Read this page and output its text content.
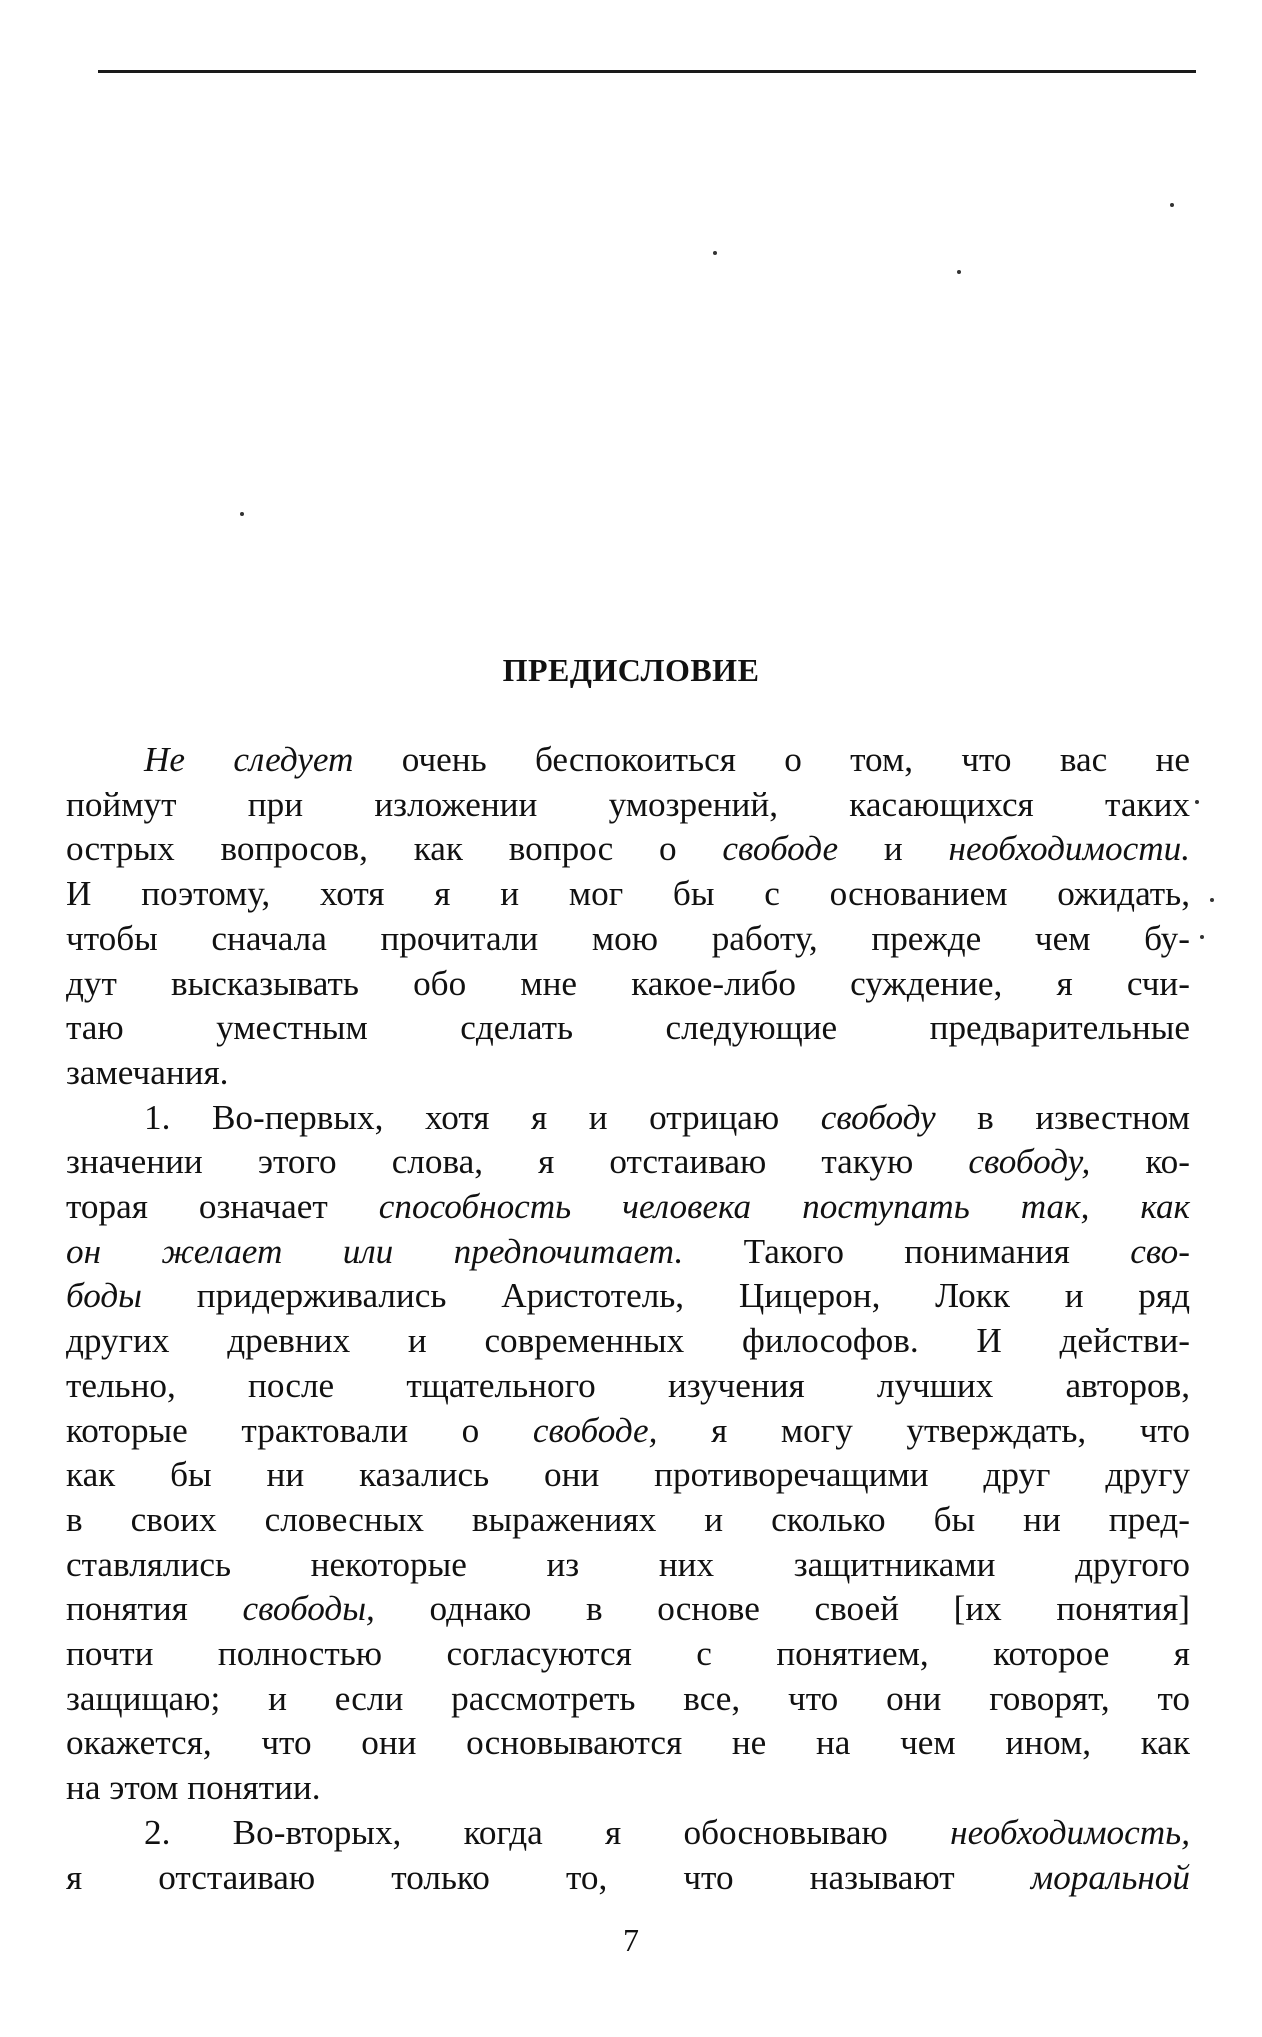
ПРЕДИСЛОВИЕ
Не следует очень беспокоиться о том, что вас не
поймут при изложении умозрений, касающихся таких
острых вопросов, как вопрос о свободе и необходимости.
И поэтому, хотя я и мог бы с основанием ожидать,
чтобы сначала прочитали мою работу, прежде чем бу-
дут высказывать обо мне какое-либо суждение, я счи-
таю уместным сделать следующие предварительные
замечания.
1. Во-первых, хотя я и отрицаю свободу в известном
значении этого слова, я отстаиваю такую свободу, ко-
торая означает способность человека поступать так, как
он желает или предпочитает. Такого понимания сво-
боды придерживались Аристотель, Цицерон, Локк и ряд
других древних и современных философов. И действи-
тельно, после тщательного изучения лучших авторов,
которые трактовали о свободе, я могу утверждать, что
как бы ни казались они противоречащими друг другу
в своих словесных выражениях и сколько бы ни пред-
ставлялись некоторые из них защитниками другого
понятия свободы, однако в основе своей [их понятия]
почти полностью согласуются с понятием, которое я
защищаю; и если рассмотреть все, что они говорят, то
окажется, что они основываются не на чем ином, как
на этом понятии.
2. Во-вторых, когда я обосновываю необходимость,
я отстаиваю только то, что называют моральной
7
